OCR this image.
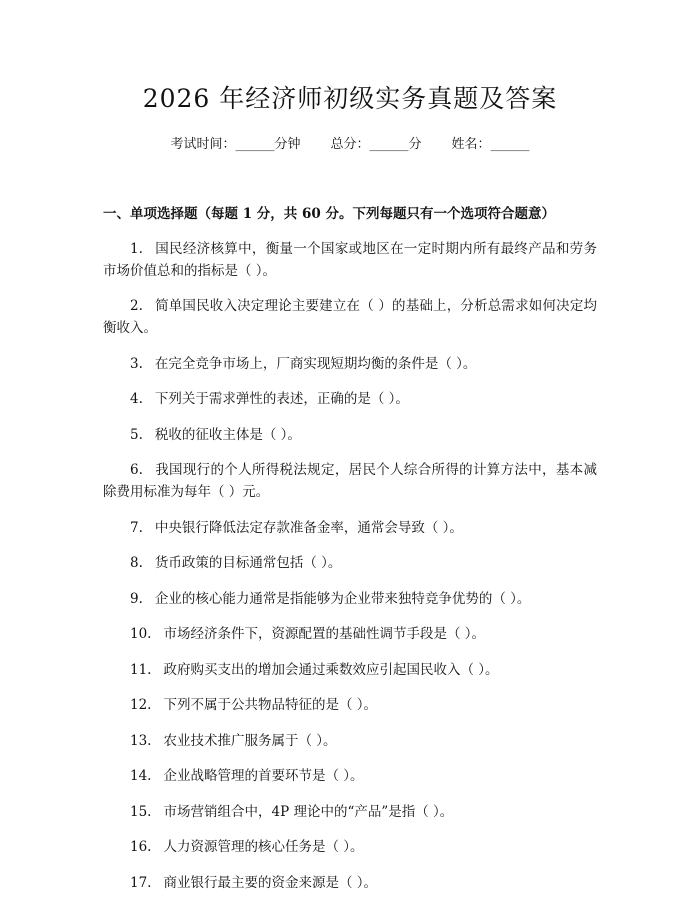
2026 年经济师初级实务真题及答案
考试时间：______分钟 总分：______分 姓名：______
一、单项选择题（每题 1 分，共 60 分。下列每题只有一个选项符合题意）

1. 国民经济核算中，衡量一个国家或地区在一定时期内所有最终产品和劳务市场价值总和的指标是（ ）。

2. 简单国民收入决定理论主要建立在（ ）的基础上，分析总需求如何决定均衡收入。

3. 在完全竞争市场上，厂商实现短期均衡的条件是（ ）。

4. 下列关于需求弹性的表述，正确的是（ ）。

5. 税收的征收主体是（ ）。

6. 我国现行的个人所得税法规定，居民个人综合所得的计算方法中，基本减除费用标准为每年（ ）元。

7. 中央银行降低法定存款准备金率，通常会导致（ ）。

8. 货币政策的目标通常包括（ ）。

9. 企业的核心能力通常是指能够为企业带来独特竞争优势的（ ）。

10. 市场经济条件下，资源配置的基础性调节手段是（ ）。

11. 政府购买支出的增加会通过乘数效应引起国民收入（ ）。

12. 下列不属于公共物品特征的是（ ）。

13. 农业技术推广服务属于（ ）。

14. 企业战略管理的首要环节是（ ）。

15. 市场营销组合中，4P 理论中的“产品”是指（ ）。

16. 人力资源管理的核心任务是（ ）。

17. 商业银行最主要的资金来源是（ ）。
